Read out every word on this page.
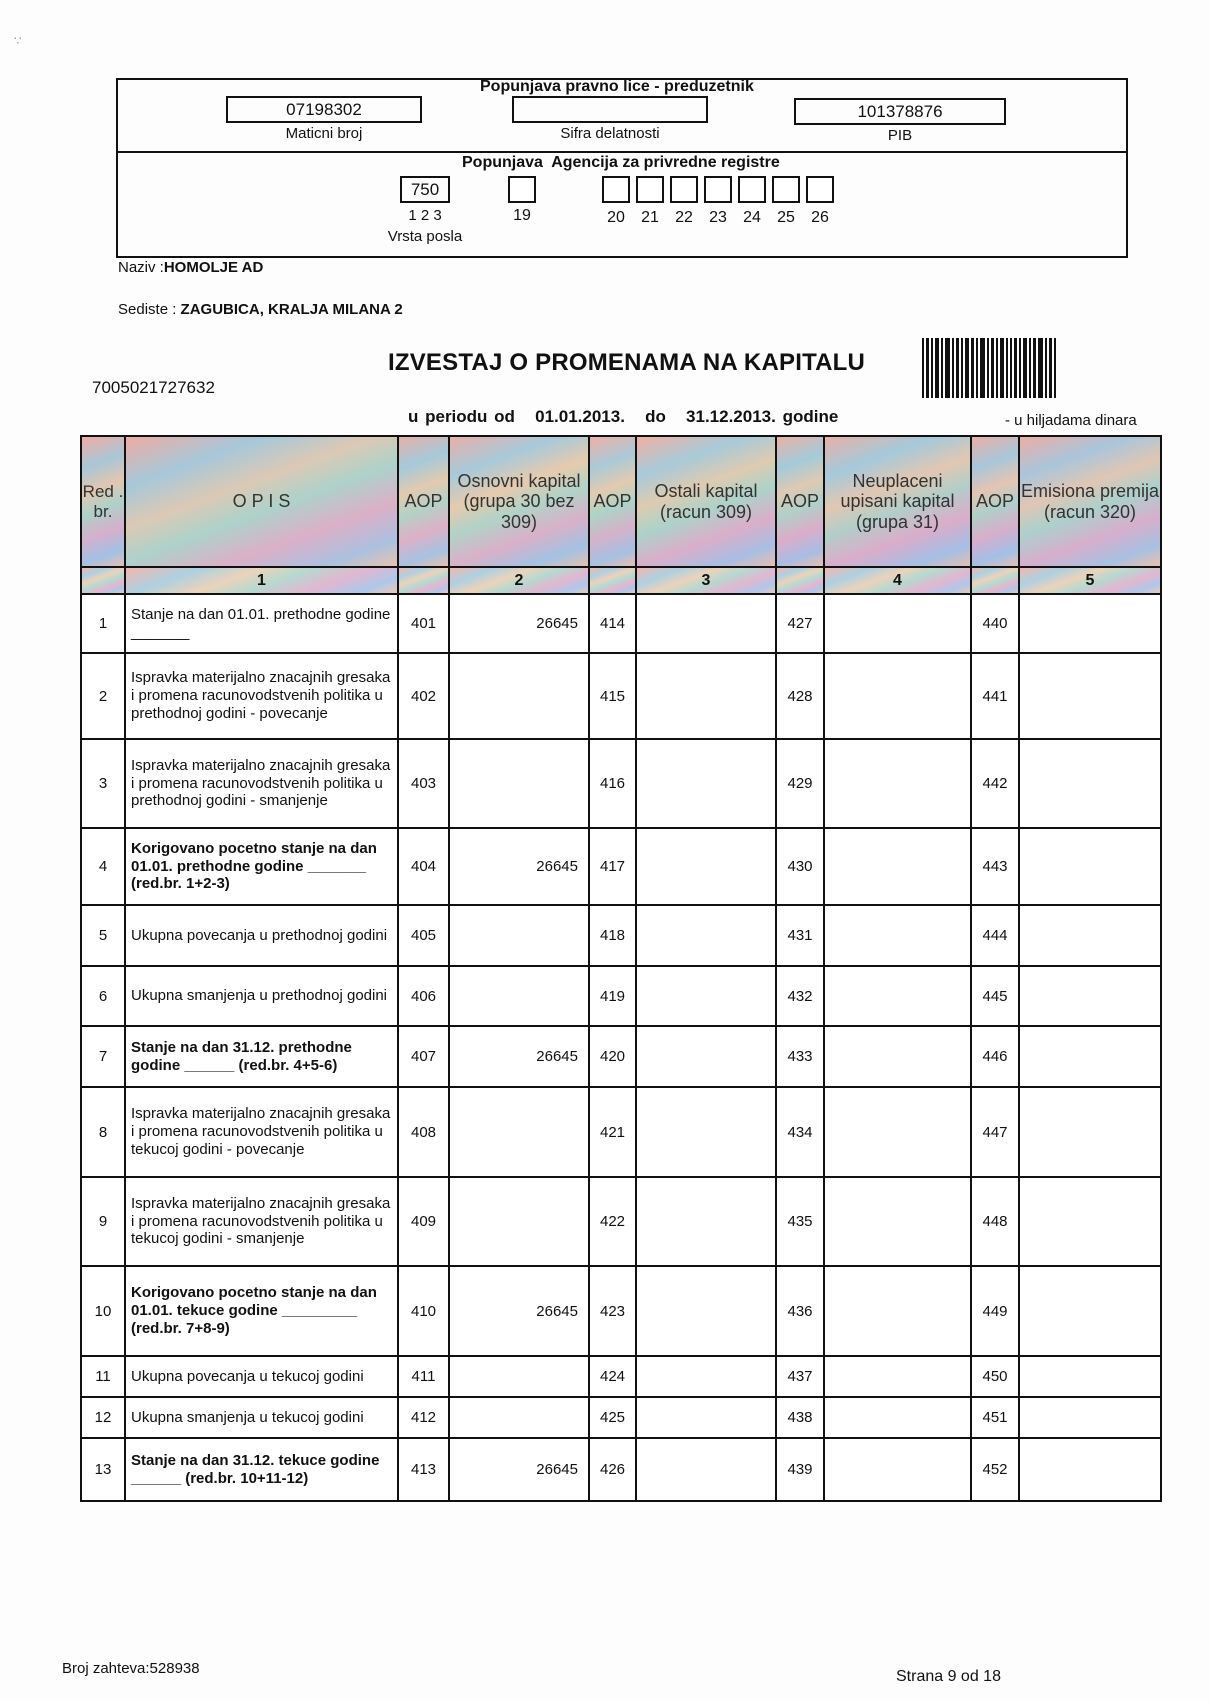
∵
Popunjava pravno lice - preduzetnik
07198302
Maticni broj	Sifra delatnosti
101378876
PIB
Popunjava Agencija za privredne registre
750
1 2 3
Vrsta posla
19	20	21	22	23	24	25	26
Naziv :HOMOLJE AD
Sediste : ZAGUBICA, KRALJA MILANA 2
7005021727632
IZVESTAJ O PROMENAMA NA KAPITALU
u periodu od 01.01.2013. do 31.12.2013. godine	- u hiljadama dinara
Red . br.	O P I S	AOP	Osnovni kapital (grupa 30 bez 309)	AOP	Ostali kapital (racun 309)	AOP	Neuplaceni upisani kapital (grupa 31)	AOP	Emisiona premija (racun 320)
	1		2		3		4		5
1	Stanje na dan 01.01. prethodne godine _______	401	26645	414		427		440	
2	Ispravka materijalno znacajnih gresaka i promena racunovodstvenih politika u prethodnoj godini - povecanje	402		415		428		441	
3	Ispravka materijalno znacajnih gresaka i promena racunovodstvenih politika u prethodnoj godini - smanjenje	403		416		429		442	
4	Korigovano pocetno stanje na dan 01.01. prethodne godine _______ (red.br. 1+2-3)	404	26645	417		430		443	
5	Ukupna povecanja u prethodnoj godini	405		418		431		444	
6	Ukupna smanjenja u prethodnoj godini	406		419		432		445	
7	Stanje na dan 31.12. prethodne godine ______ (red.br. 4+5-6)	407	26645	420		433		446	
8	Ispravka materijalno znacajnih gresaka i promena racunovodstvenih politika u tekucoj godini - povecanje	408		421		434		447	
9	Ispravka materijalno znacajnih gresaka i promena racunovodstvenih politika u tekucoj godini - smanjenje	409		422		435		448	
10	Korigovano pocetno stanje na dan 01.01. tekuce godine _________ (red.br. 7+8-9)	410	26645	423		436		449	
11	Ukupna povecanja u tekucoj godini	411		424		437		450	
12	Ukupna smanjenja u tekucoj godini	412		425		438		451	
13	Stanje na dan 31.12. tekuce godine ______ (red.br. 10+11-12)	413	26645	426		439		452	
Broj zahteva:528938	Strana 9 od 18
